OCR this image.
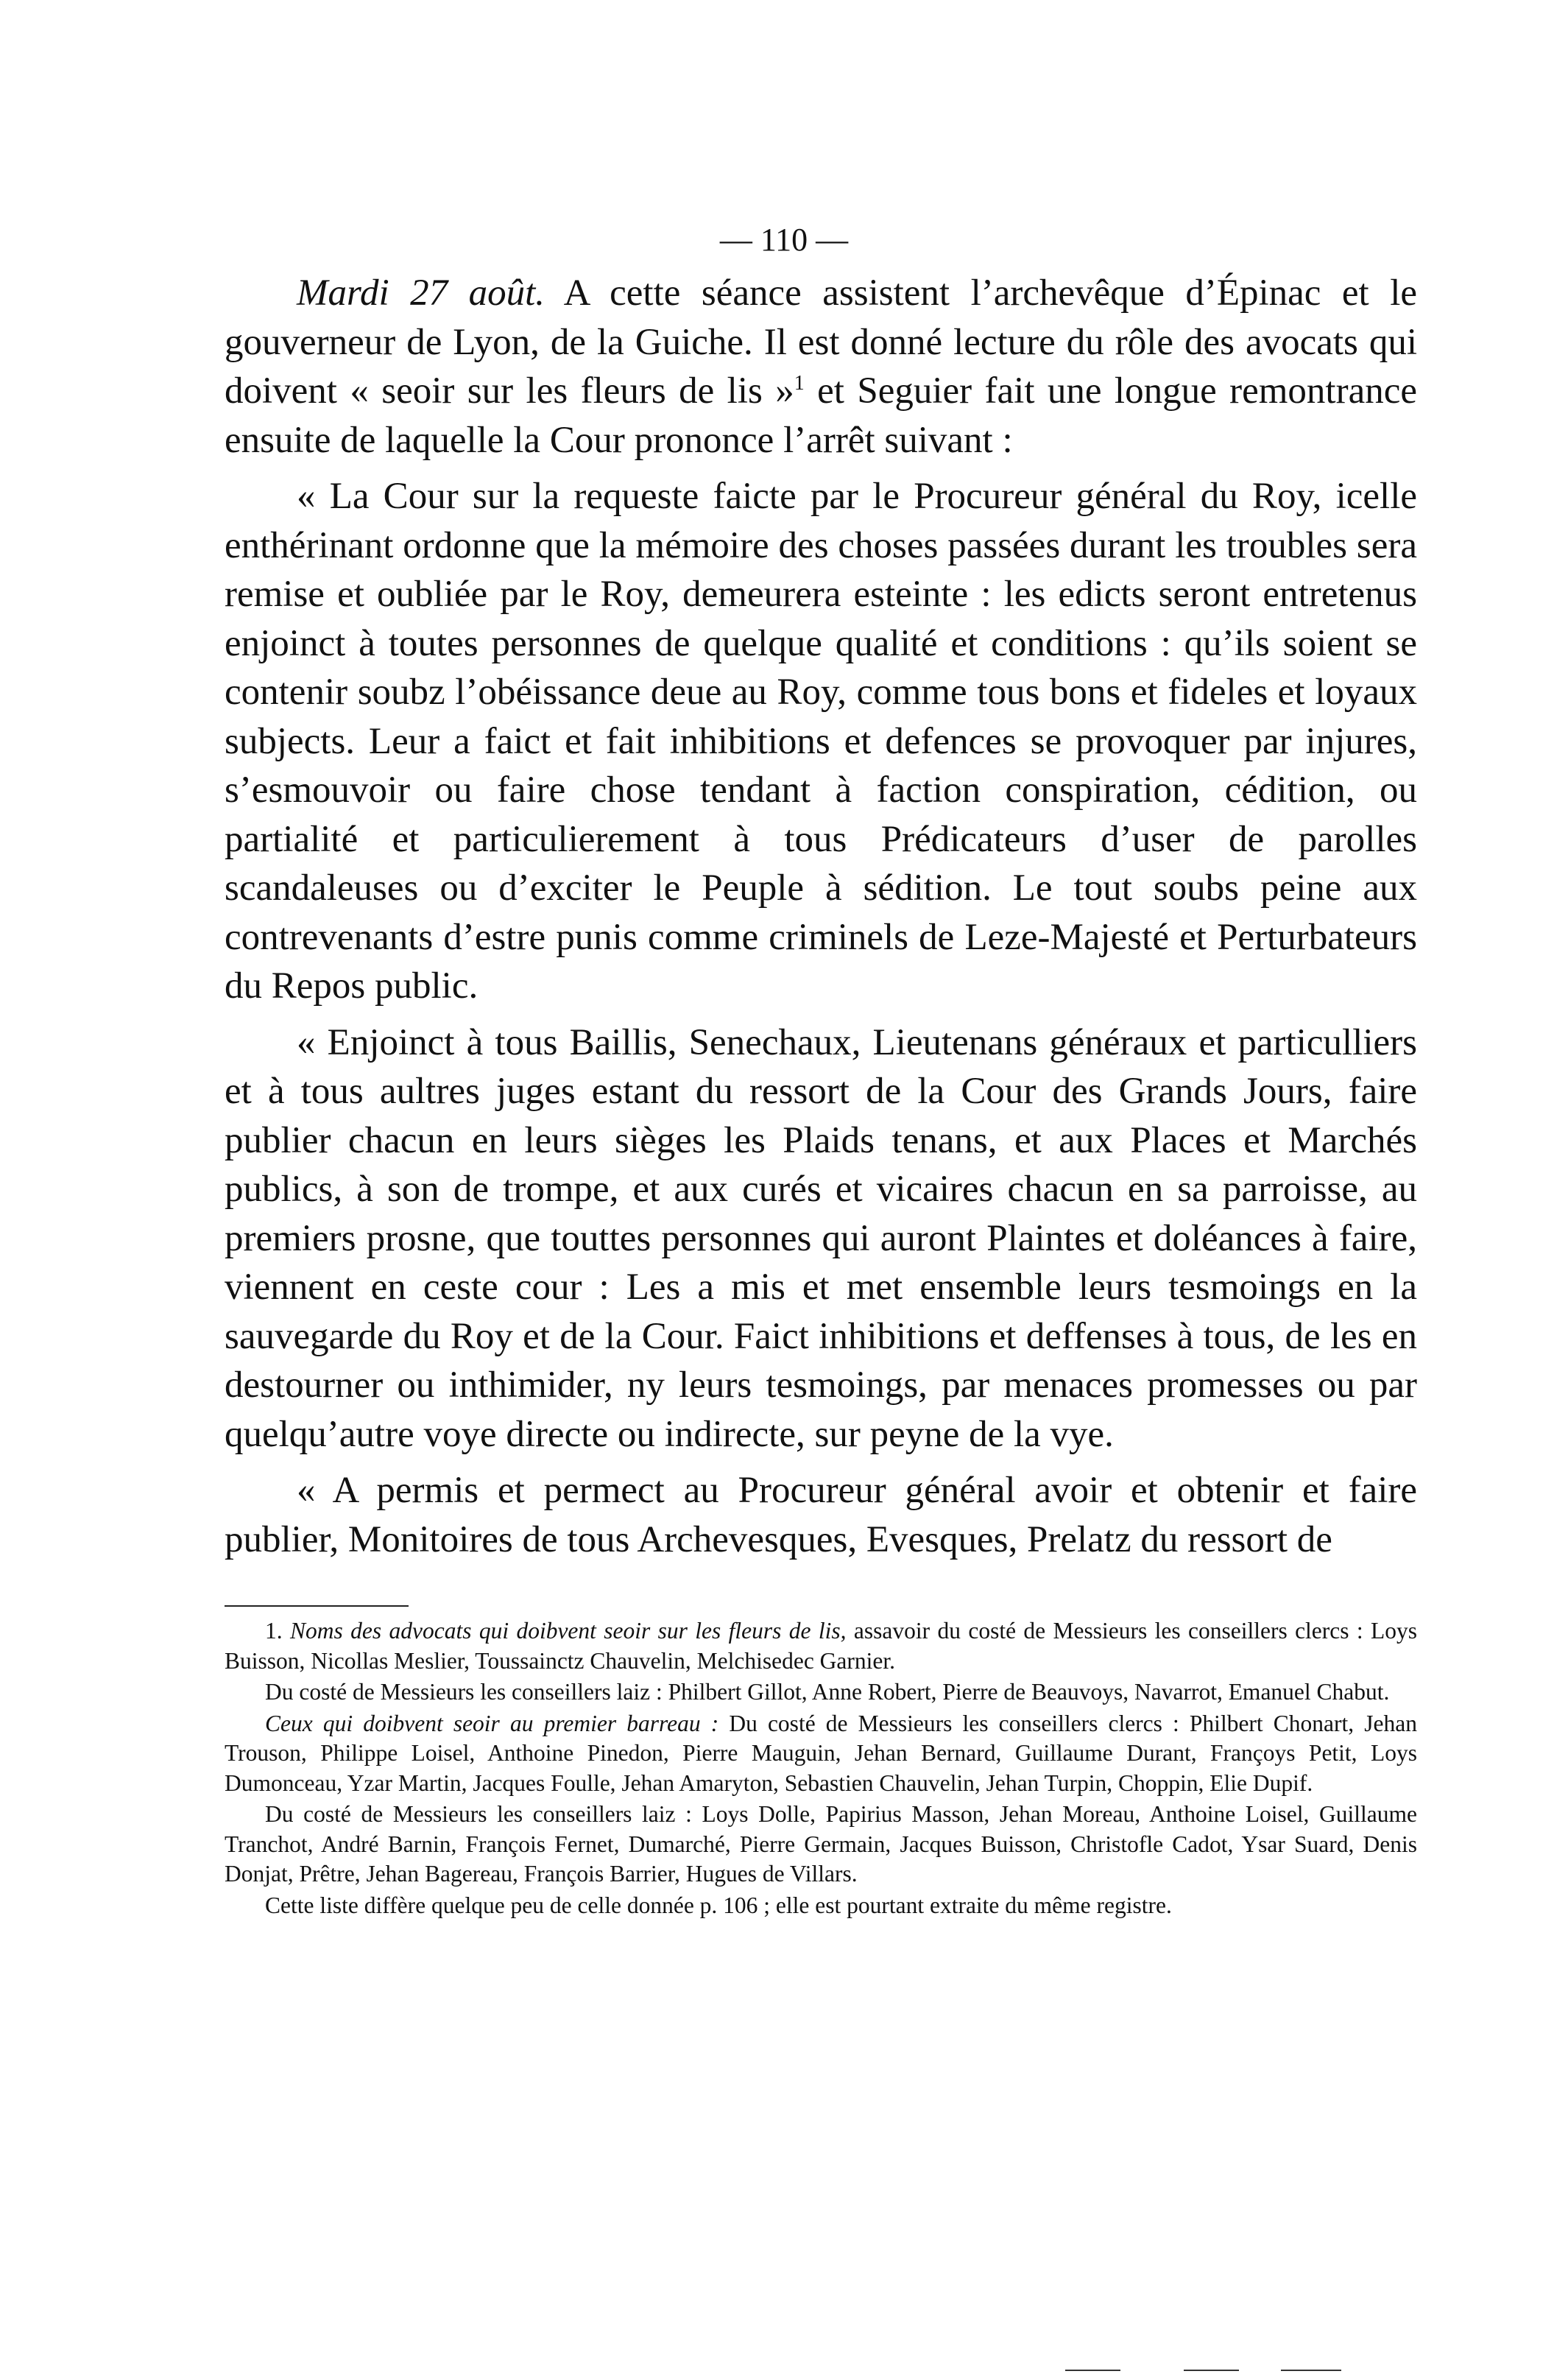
— 110 —

Mardi 27 août. A cette séance assistent l’archevêque d’Épinac et le gouverneur de Lyon, de la Guiche. Il est donné lecture du rôle des avocats qui doivent « seoir sur les fleurs de lis »$^1$ et Seguier fait une longue remontrance ensuite de laquelle la Cour prononce l’arrêt suivant :

« La Cour sur la requeste faicte par le Procureur général du Roy, icelle enthérinant ordonne que la mémoire des choses passées durant les troubles sera remise et oubliée par le Roy, demeurera esteinte : les edicts seront entretenus enjoinct à toutes personnes de quelque qualité et conditions : qu’ils soient se contenir soubz l’obéissance deue au Roy, comme tous bons et fideles et loyaux subjects. Leur a faict et fait inhibitions et defences se provoquer par injures, s’esmouvoir ou faire chose tendant à faction conspiration, cédition, ou partialité et particulierement à tous Prédicateurs d’user de parolles scandaleuses ou d’exciter le Peuple à sédition. Le tout soubs peine aux contrevenants d’estre punis comme criminels de Leze-Majesté et Perturbateurs du Repos public.

« Enjoinct à tous Baillis, Senechaux, Lieutenans généraux et particulliers et à tous aultres juges estant du ressort de la Cour des Grands Jours, faire publier chacun en leurs sièges les Plaids tenans, et aux Places et Marchés publics, à son de trompe, et aux curés et vicaires chacun en sa parroisse, au premiers prosne, que touttes personnes qui auront Plaintes et doléances à faire, viennent en ceste cour : Les a mis et met ensemble leurs tesmoings en la sauvegarde du Roy et de la Cour. Faict inhibitions et deffenses à tous, de les en destourner ou inthimider, ny leurs tesmoings, par menaces promesses ou par quelqu’autre voye directe ou indirecte, sur peyne de la vye.

« A permis et permect au Procureur général avoir et obtenir et faire publier, Monitoires de tous Archevesques, Evesques, Prelatz du ressort de

1. Noms des advocats qui doibvent seoir sur les fleurs de lis, assavoir du costé de Messieurs les conseillers clercs : Loys Buisson, Nicollas Meslier, Toussainctz Chauvelin, Melchisedec Garnier.

Du costé de Messieurs les conseillers laiz : Philbert Gillot, Anne Robert, Pierre de Beauvoys, Navarrot, Emanuel Chabut.

Ceux qui doibvent seoir au premier barreau : Du costé de Messieurs les conseillers clercs : Philbert Chonart, Jehan Trouson, Philippe Loisel, Anthoine Pinedon, Pierre Mauguin, Jehan Bernard, Guillaume Durant, Françoys Petit, Loys Dumonceau, Yzar Martin, Jacques Foulle, Jehan Amaryton, Sebastien Chauvelin, Jehan Turpin, Choppin, Elie Dupif.

Du costé de Messieurs les conseillers laiz : Loys Dolle, Papirius Masson, Jehan Moreau, Anthoine Loisel, Guillaume Tranchot, André Barnin, François Fernet, Dumarché, Pierre Germain, Jacques Buisson, Christofle Cadot, Ysar Suard, Denis Donjat, Prêtre, Jehan Bagereau, François Barrier, Hugues de Villars.

Cette liste diffère quelque peu de celle donnée p. 106 ; elle est pourtant extraite du même registre.
